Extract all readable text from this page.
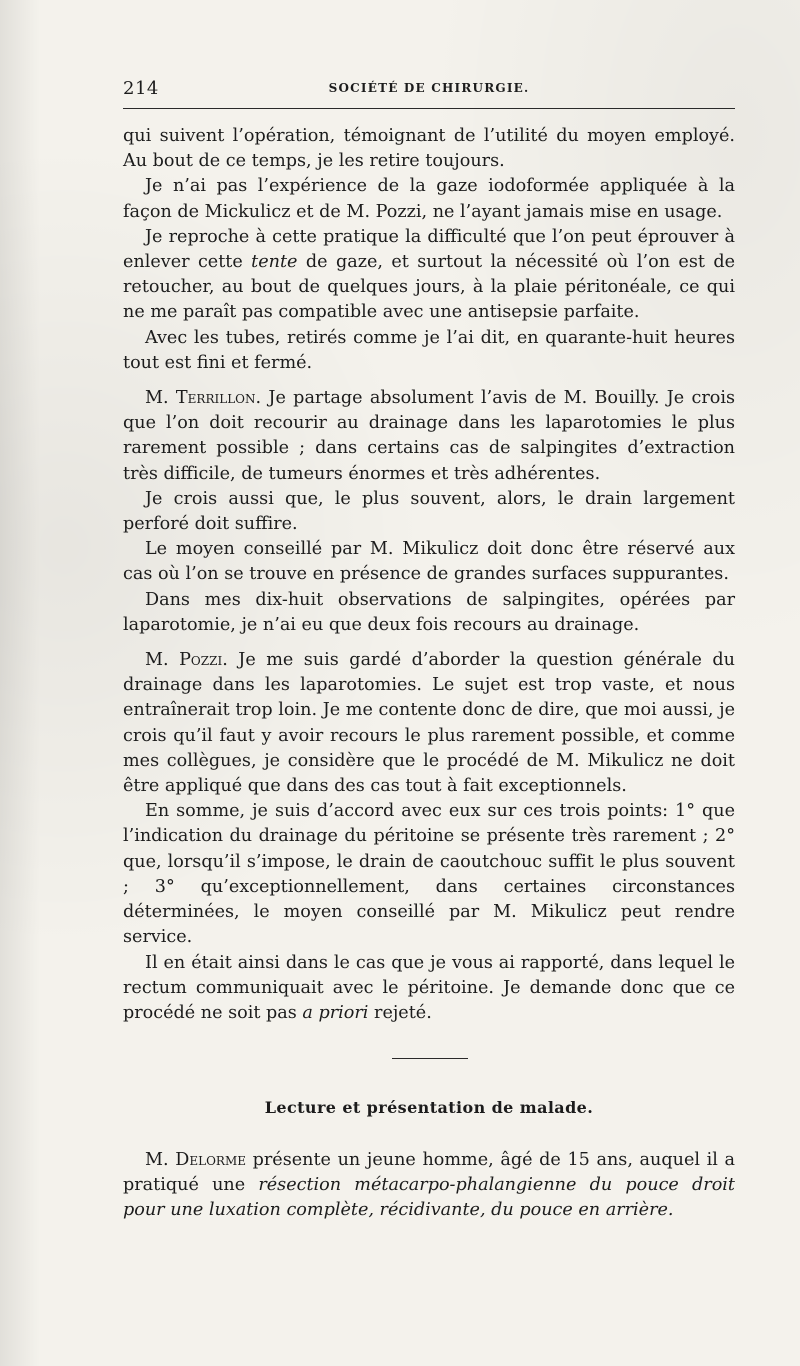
214	SOCIÉTÉ DE CHIRURGIE.

qui suivent l’opération, témoignant de l’utilité du moyen employé. Au bout de ce temps, je les retire toujours.

Je n’ai pas l’expérience de la gaze iodoformée appliquée à la façon de Mickulicz et de M. Pozzi, ne l’ayant jamais mise en usage.

Je reproche à cette pratique la difficulté que l’on peut éprouver à enlever cette tente de gaze, et surtout la nécessité où l’on est de retoucher, au bout de quelques jours, à la plaie péritonéale, ce qui ne me paraît pas compatible avec une antisepsie parfaite.

Avec les tubes, retirés comme je l’ai dit, en quarante-huit heures tout est fini et fermé.

M. Terrillon. Je partage absolument l’avis de M. Bouilly. Je crois que l’on doit recourir au drainage dans les laparotomies le plus rarement possible ; dans certains cas de salpingites d’extraction très difficile, de tumeurs énormes et très adhérentes.

Je crois aussi que, le plus souvent, alors, le drain largement perforé doit suffire.

Le moyen conseillé par M. Mikulicz doit donc être réservé aux cas où l’on se trouve en présence de grandes surfaces suppurantes.

Dans mes dix-huit observations de salpingites, opérées par laparotomie, je n’ai eu que deux fois recours au drainage.

M. Pozzi. Je me suis gardé d’aborder la question générale du drainage dans les laparotomies. Le sujet est trop vaste, et nous entraînerait trop loin. Je me contente donc de dire, que moi aussi, je crois qu’il faut y avoir recours le plus rarement possible, et comme mes collègues, je considère que le procédé de M. Mikulicz ne doit être appliqué que dans des cas tout à fait exceptionnels.

En somme, je suis d’accord avec eux sur ces trois points: 1° que l’indication du drainage du péritoine se présente très rarement ; 2° que, lorsqu’il s’impose, le drain de caoutchouc suffit le plus souvent ; 3° qu’exceptionnellement, dans certaines circonstances déterminées, le moyen conseillé par M. Mikulicz peut rendre service.

Il en était ainsi dans le cas que je vous ai rapporté, dans lequel le rectum communiquait avec le péritoine. Je demande donc que ce procédé ne soit pas a priori rejeté.

Lecture et présentation de malade.

M. Delorme présente un jeune homme, âgé de 15 ans, auquel il a pratiqué une résection métacarpo-phalangienne du pouce droit pour une luxation complète, récidivante, du pouce en arrière.
